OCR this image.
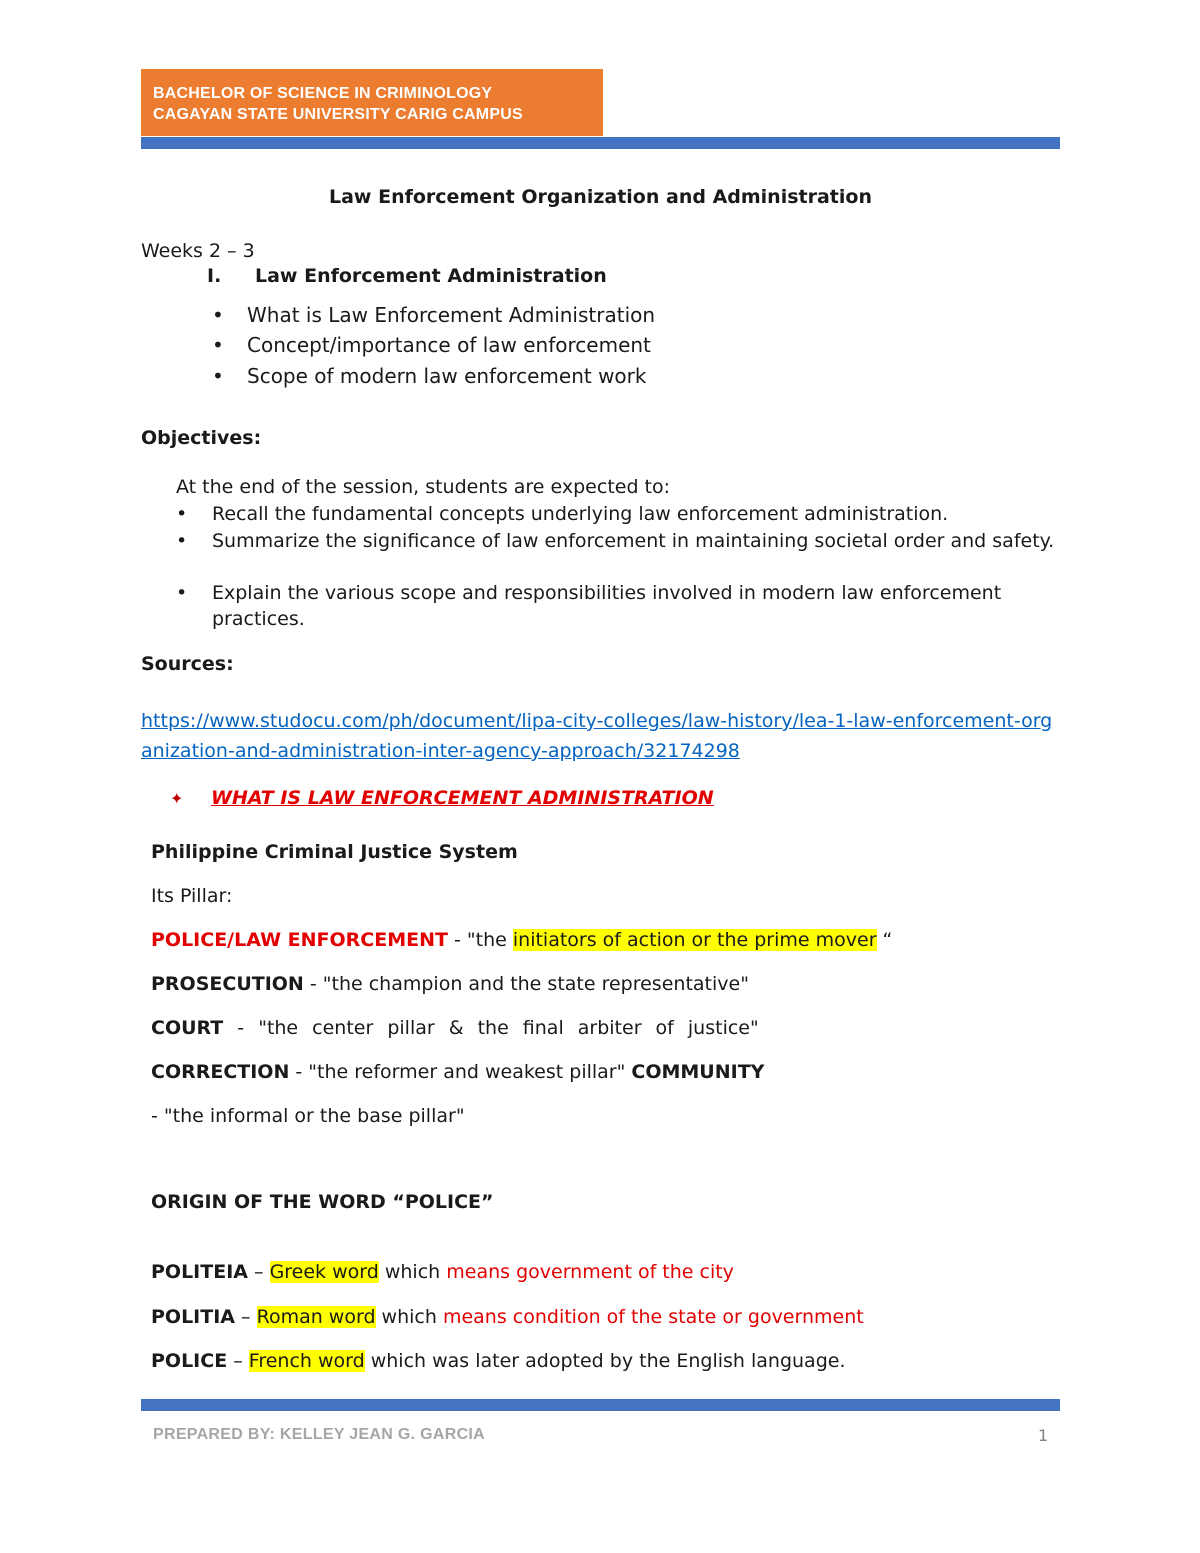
BACHELOR OF SCIENCE IN CRIMINOLOGY
CAGAYAN STATE UNIVERSITY CARIG CAMPUS
Law Enforcement Organization and Administration
Weeks 2 – 3
I. Law Enforcement Administration
• What is Law Enforcement Administration
• Concept/importance of law enforcement
• Scope of modern law enforcement work
Objectives:
At the end of the session, students are expected to:
• Recall the fundamental concepts underlying law enforcement administration.
• Summarize the significance of law enforcement in maintaining societal order and safety.
• Explain the various scope and responsibilities involved in modern law enforcement practices.
Sources:
https://www.studocu.com/ph/document/lipa-city-colleges/law-history/lea-1-law-enforcement-organization-and-administration-inter-agency-approach/32174298
✦ WHAT IS LAW ENFORCEMENT ADMINISTRATION
Philippine Criminal Justice System
Its Pillar:
POLICE/LAW ENFORCEMENT - "the initiators of action or the prime mover “
PROSECUTION - "the champion and the state representative"
COURT - "the center pillar & the final arbiter of justice"
CORRECTION - "the reformer and weakest pillar" COMMUNITY
- "the informal or the base pillar"
ORIGIN OF THE WORD “POLICE”
POLITEIA – Greek word which means government of the city
POLITIA – Roman word which means condition of the state or government
POLICE – French word which was later adopted by the English language.
PREPARED BY: KELLEY JEAN G. GARCIA	1
